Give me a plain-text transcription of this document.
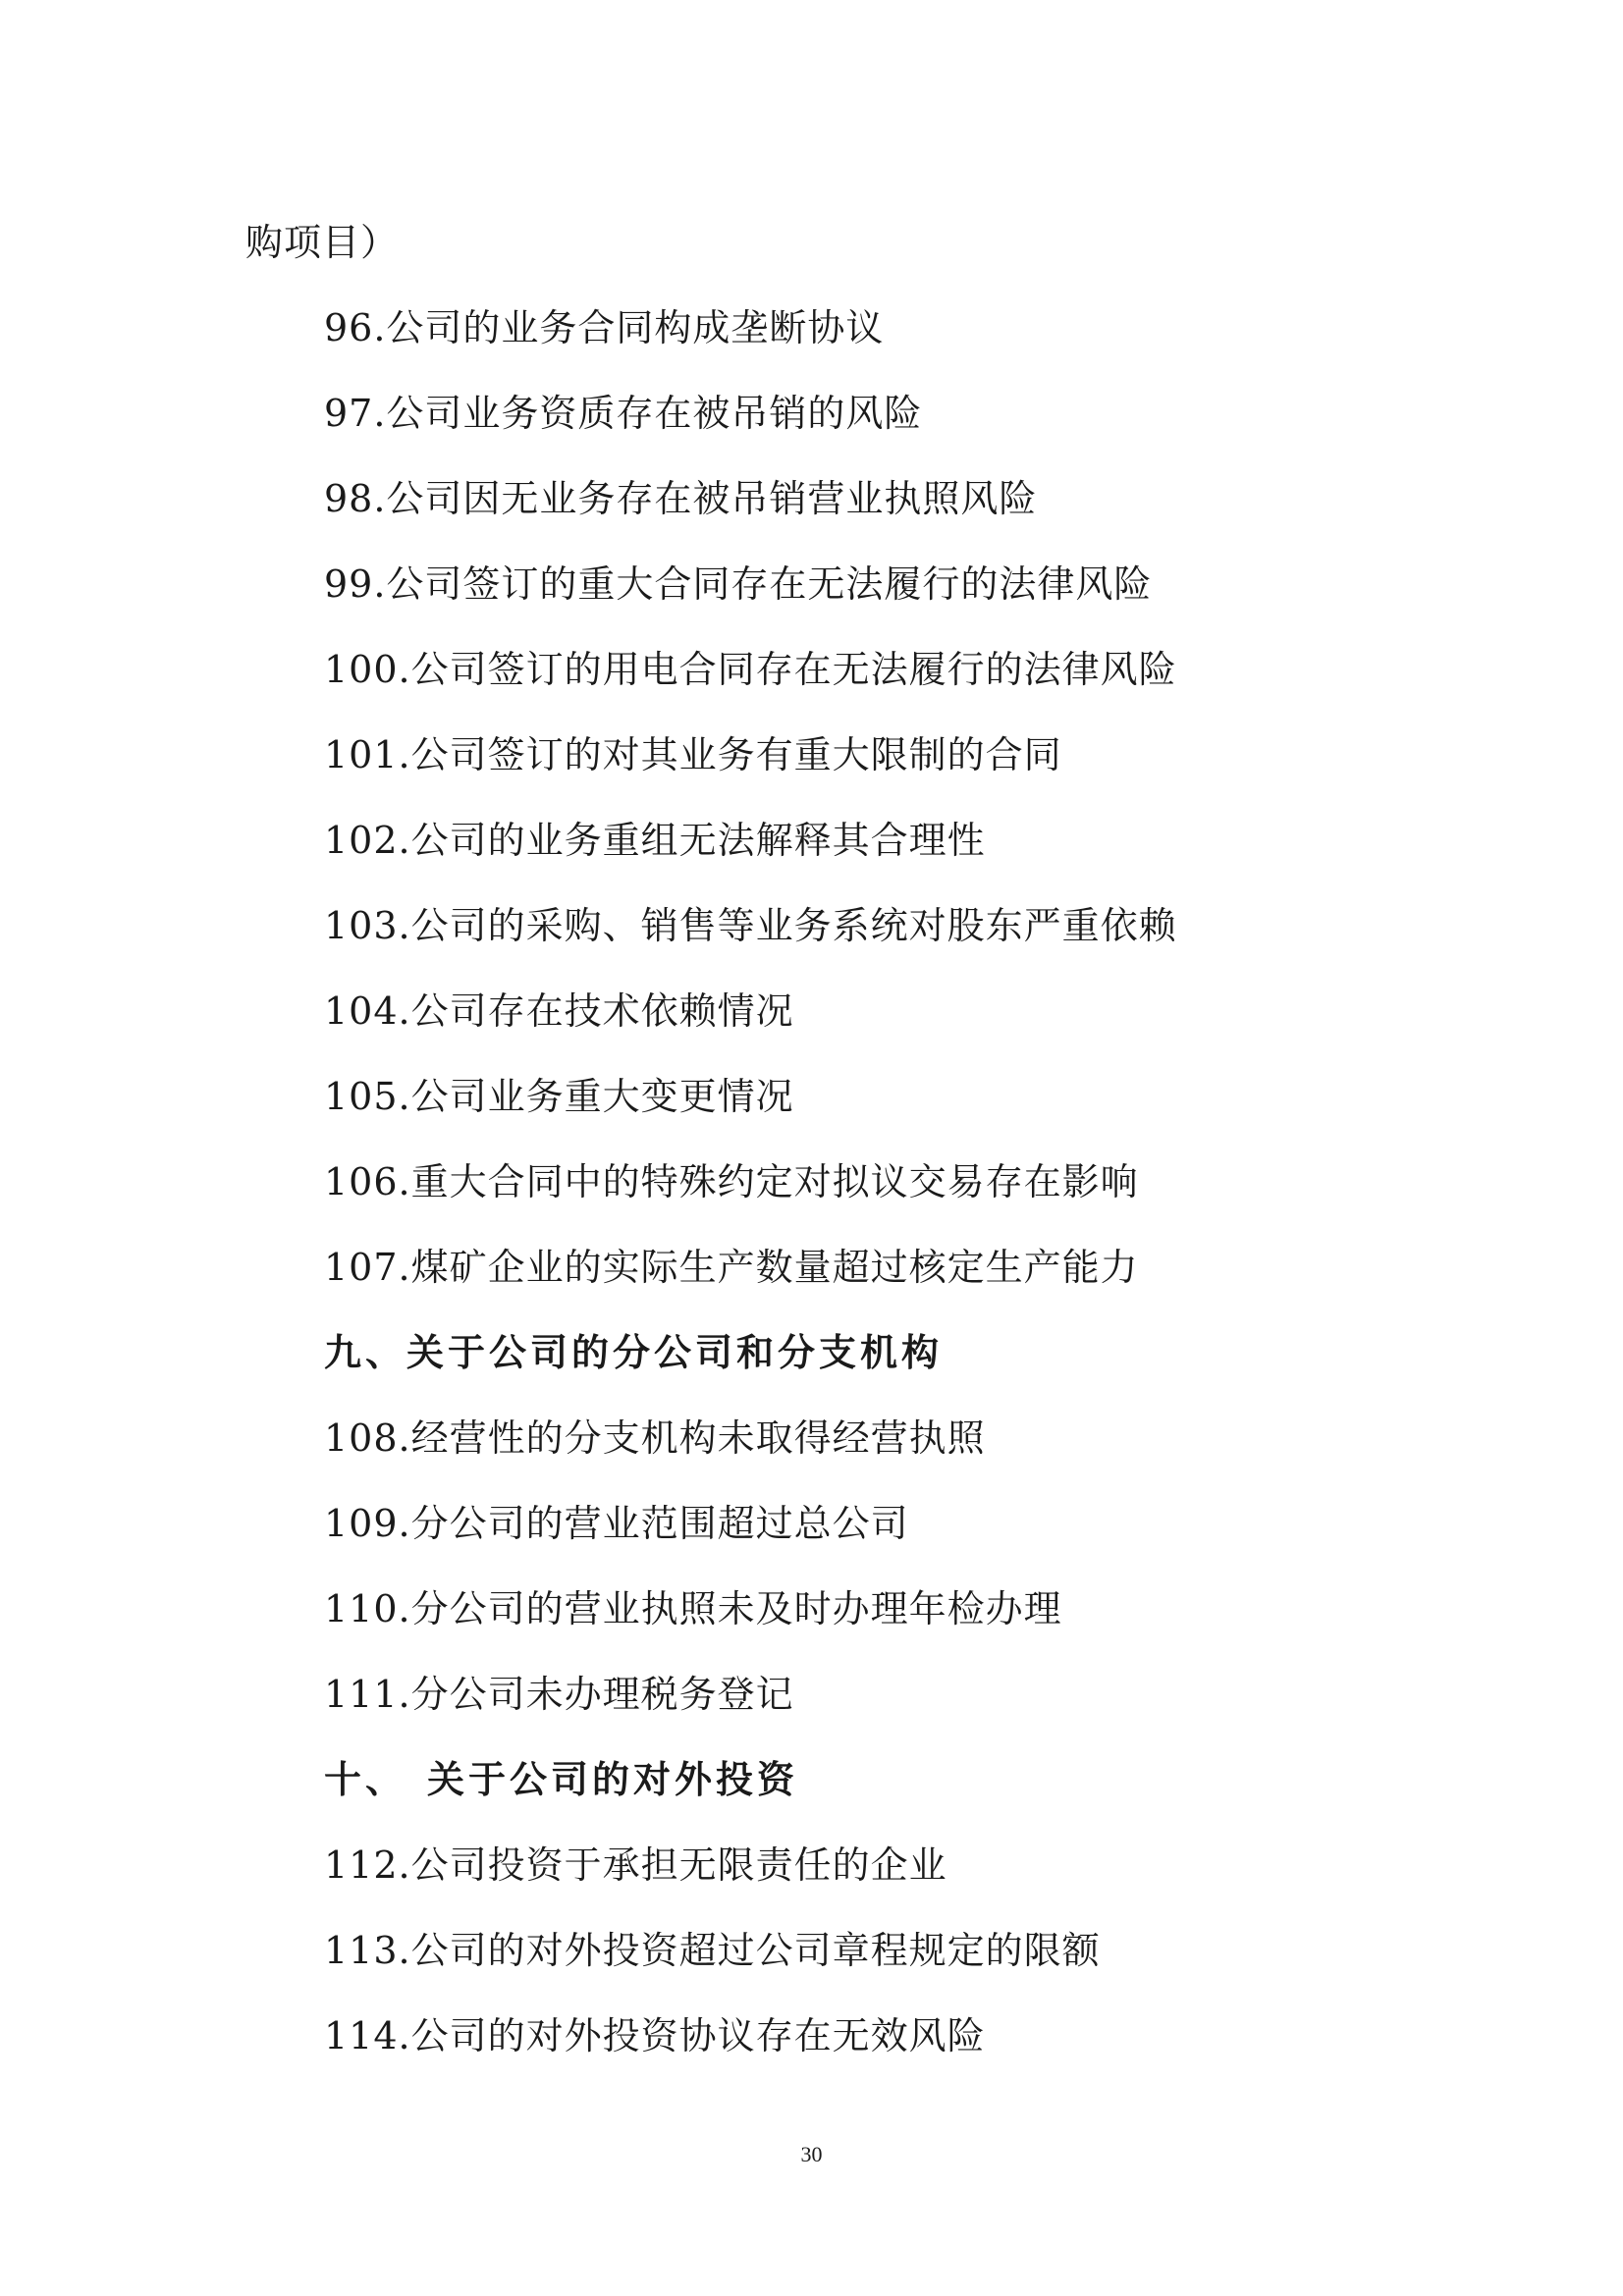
购项目）
96.公司的业务合同构成垄断协议
97.公司业务资质存在被吊销的风险
98.公司因无业务存在被吊销营业执照风险
99.公司签订的重大合同存在无法履行的法律风险
100.公司签订的用电合同存在无法履行的法律风险
101.公司签订的对其业务有重大限制的合同
102.公司的业务重组无法解释其合理性
103.公司的采购、销售等业务系统对股东严重依赖
104.公司存在技术依赖情况
105.公司业务重大变更情况
106.重大合同中的特殊约定对拟议交易存在影响
107.煤矿企业的实际生产数量超过核定生产能力
九、关于公司的分公司和分支机构
108.经营性的分支机构未取得经营执照
109.分公司的营业范围超过总公司
110.分公司的营业执照未及时办理年检办理
111.分公司未办理税务登记
十、 关于公司的对外投资
112.公司投资于承担无限责任的企业
113.公司的对外投资超过公司章程规定的限额
114.公司的对外投资协议存在无效风险
30
